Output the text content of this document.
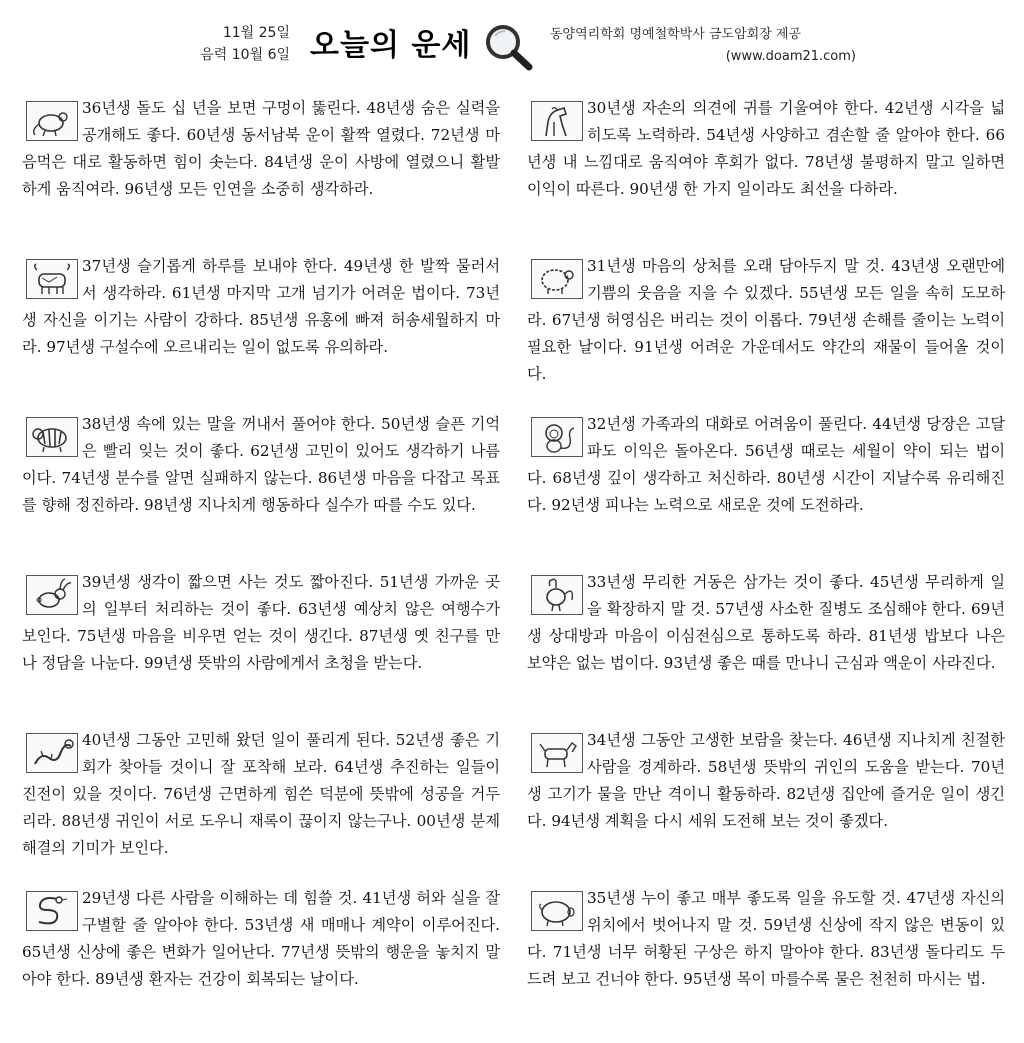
11월 25일
음력 10월 6일 오늘의 운세	동양역리학회 명예철학박사 금도암회장 제공
(www.doam21.com)

36년생 돌도 십 년을 보면 구멍이 뚫린다. 48년생 숨은 실력을 공개해도 좋다. 60년생 동서남북 운이 활짝 열렸다. 72년생 마음먹은 대로 활동하면 힘이 솟는다. 84년생 운이 사방에 열렸으니 활발하게 움직여라. 96년생 모든 인연을 소중히 생각하라.

37년생 슬기롭게 하루를 보내야 한다. 49년생 한 발짝 물러서서 생각하라. 61년생 마지막 고개 넘기가 어려운 법이다. 73년생 자신을 이기는 사람이 강하다. 85년생 유홍에 빠져 허송세월하지 마라. 97년생 구설수에 오르내리는 일이 없도록 유의하라.

38년생 속에 있는 말을 꺼내서 풀어야 한다. 50년생 슬픈 기억은 빨리 잊는 것이 좋다. 62년생 고민이 있어도 생각하기 나름이다. 74년생 분수를 알면 실패하지 않는다. 86년생 마음을 다잡고 목표를 향해 정진하라. 98년생 지나치게 행동하다 실수가 따를 수도 있다.

39년생 생각이 짧으면 사는 것도 짧아진다. 51년생 가까운 곳의 일부터 처리하는 것이 좋다. 63년생 예상치 않은 여행수가 보인다. 75년생 마음을 비우면 얻는 것이 생긴다. 87년생 옛 친구를 만나 정담을 나눈다. 99년생 뜻밖의 사람에게서 초청을 받는다.

40년생 그동안 고민해 왔던 일이 풀리게 된다. 52년생 좋은 기회가 찾아들 것이니 잘 포착해 보라. 64년생 추진하는 일들이 진전이 있을 것이다. 76년생 근면하게 힘쓴 덕분에 뜻밖에 성공을 거두리라. 88년생 귀인이 서로 도우니 재록이 끊이지 않는구나. 00년생 분제 해결의 기미가 보인다.

29년생 다른 사람을 이해하는 데 힘쓸 것. 41년생 허와 실을 잘 구별할 줄 알아야 한다. 53년생 새 매매나 계약이 이루어진다. 65년생 신상에 좋은 변화가 일어난다. 77년생 뜻밖의 행운을 놓치지 말아야 한다. 89년생 환자는 건강이 회복되는 날이다.

30년생 자손의 의견에 귀를 기울여야 한다. 42년생 시각을 넓히도록 노력하라. 54년생 사양하고 겸손할 줄 알아야 한다. 66년생 내 느낌대로 움직여야 후회가 없다. 78년생 불평하지 말고 일하면 이익이 따른다. 90년생 한 가지 일이라도 최선을 다하라.

31년생 마음의 상처를 오래 담아두지 말 것. 43년생 오랜만에 기쁨의 웃음을 지을 수 있겠다. 55년생 모든 일을 속히 도모하라. 67년생 허영심은 버리는 것이 이롭다. 79년생 손해를 줄이는 노력이 필요한 날이다. 91년생 어려운 가운데서도 약간의 재물이 들어올 것이다.

32년생 가족과의 대화로 어려움이 풀린다. 44년생 당장은 고달파도 이익은 돌아온다. 56년생 때로는 세월이 약이 되는 법이다. 68년생 깊이 생각하고 처신하라. 80년생 시간이 지날수록 유리해진다. 92년생 피나는 노력으로 새로운 것에 도전하라.

33년생 무리한 거동은 삼가는 것이 좋다. 45년생 무리하게 일을 확장하지 말 것. 57년생 사소한 질병도 조심해야 한다. 69년생 상대방과 마음이 이심전심으로 통하도록 하라. 81년생 밥보다 나은 보약은 없는 법이다. 93년생 좋은 때를 만나니 근심과 액운이 사라진다.

34년생 그동안 고생한 보람을 찾는다. 46년생 지나치게 친절한 사람을 경계하라. 58년생 뜻밖의 귀인의 도움을 받는다. 70년생 고기가 물을 만난 격이니 활동하라. 82년생 집안에 즐거운 일이 생긴다. 94년생 계획을 다시 세워 도전해 보는 것이 좋겠다.

35년생 누이 좋고 매부 좋도록 일을 유도할 것. 47년생 자신의 위치에서 벗어나지 말 것. 59년생 신상에 작지 않은 변동이 있다. 71년생 너무 허황된 구상은 하지 말아야 한다. 83년생 돌다리도 두드려 보고 건너야 한다. 95년생 목이 마를수록 물은 천천히 마시는 법.
